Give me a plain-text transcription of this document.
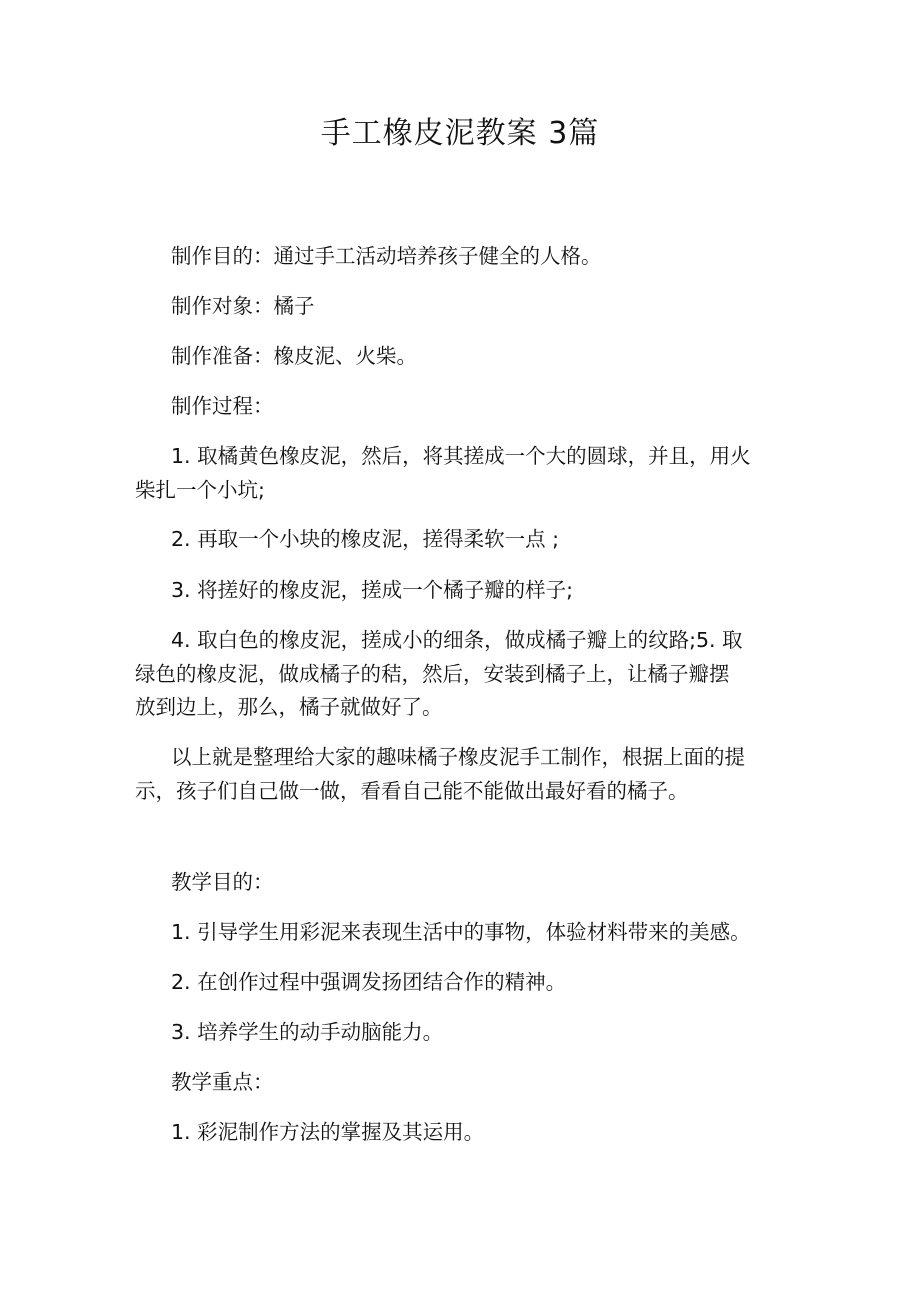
手工橡皮泥教案 3篇
制作目的：通过手工活动培养孩子健全的人格。
制作对象：橘子
制作准备：橡皮泥、火柴。
制作过程：
1. 取橘黄色橡皮泥，然后，将其搓成一个大的圆球，并且，用火
柴扎一个小坑;
2. 再取一个小块的橡皮泥，搓得柔软一点 ;
3. 将搓好的橡皮泥，搓成一个橘子瓣的样子;
4. 取白色的橡皮泥，搓成小的细条，做成橘子瓣上的纹路;5. 取
绿色的橡皮泥，做成橘子的秸，然后，安装到橘子上，让橘子瓣摆
放到边上，那么，橘子就做好了。
以上就是整理给大家的趣味橘子橡皮泥手工制作，根据上面的提
示，孩子们自己做一做，看看自己能不能做出最好看的橘子。
教学目的：
1. 引导学生用彩泥来表现生活中的事物，体验材料带来的美感。
2. 在创作过程中强调发扬团结合作的精神。
3. 培养学生的动手动脑能力。
教学重点：
1. 彩泥制作方法的掌握及其运用。
